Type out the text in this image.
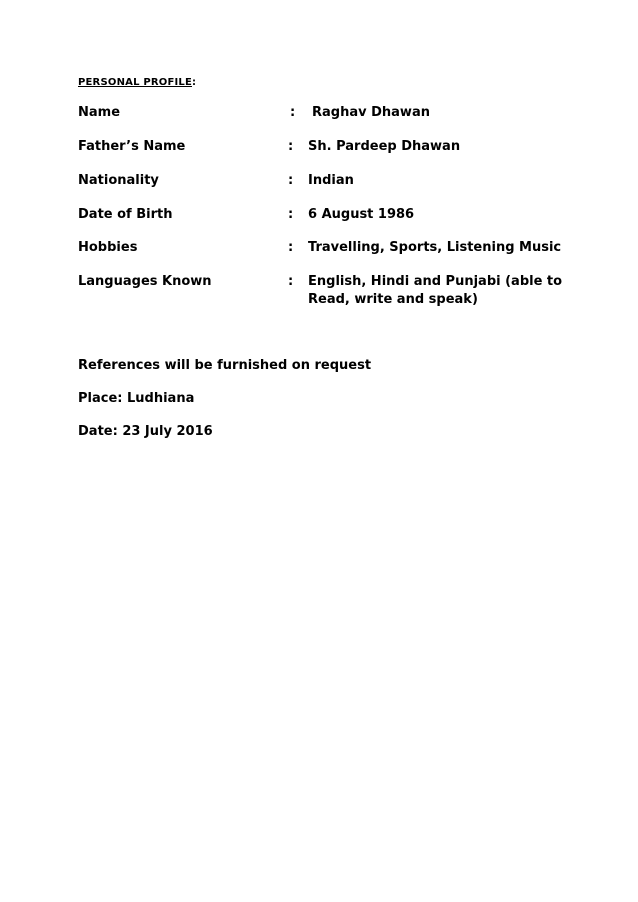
PERSONAL PROFILE:
Name	: Raghav Dhawan
Father’s Name	: Sh. Pardeep Dhawan
Nationality	: Indian
Date of Birth	: 6 August 1986
Hobbies	: Travelling, Sports, Listening Music
Languages Known	: English, Hindi and Punjabi (able to Read, write and speak)
References will be furnished on request
Place: Ludhiana
Date: 23 July 2016
